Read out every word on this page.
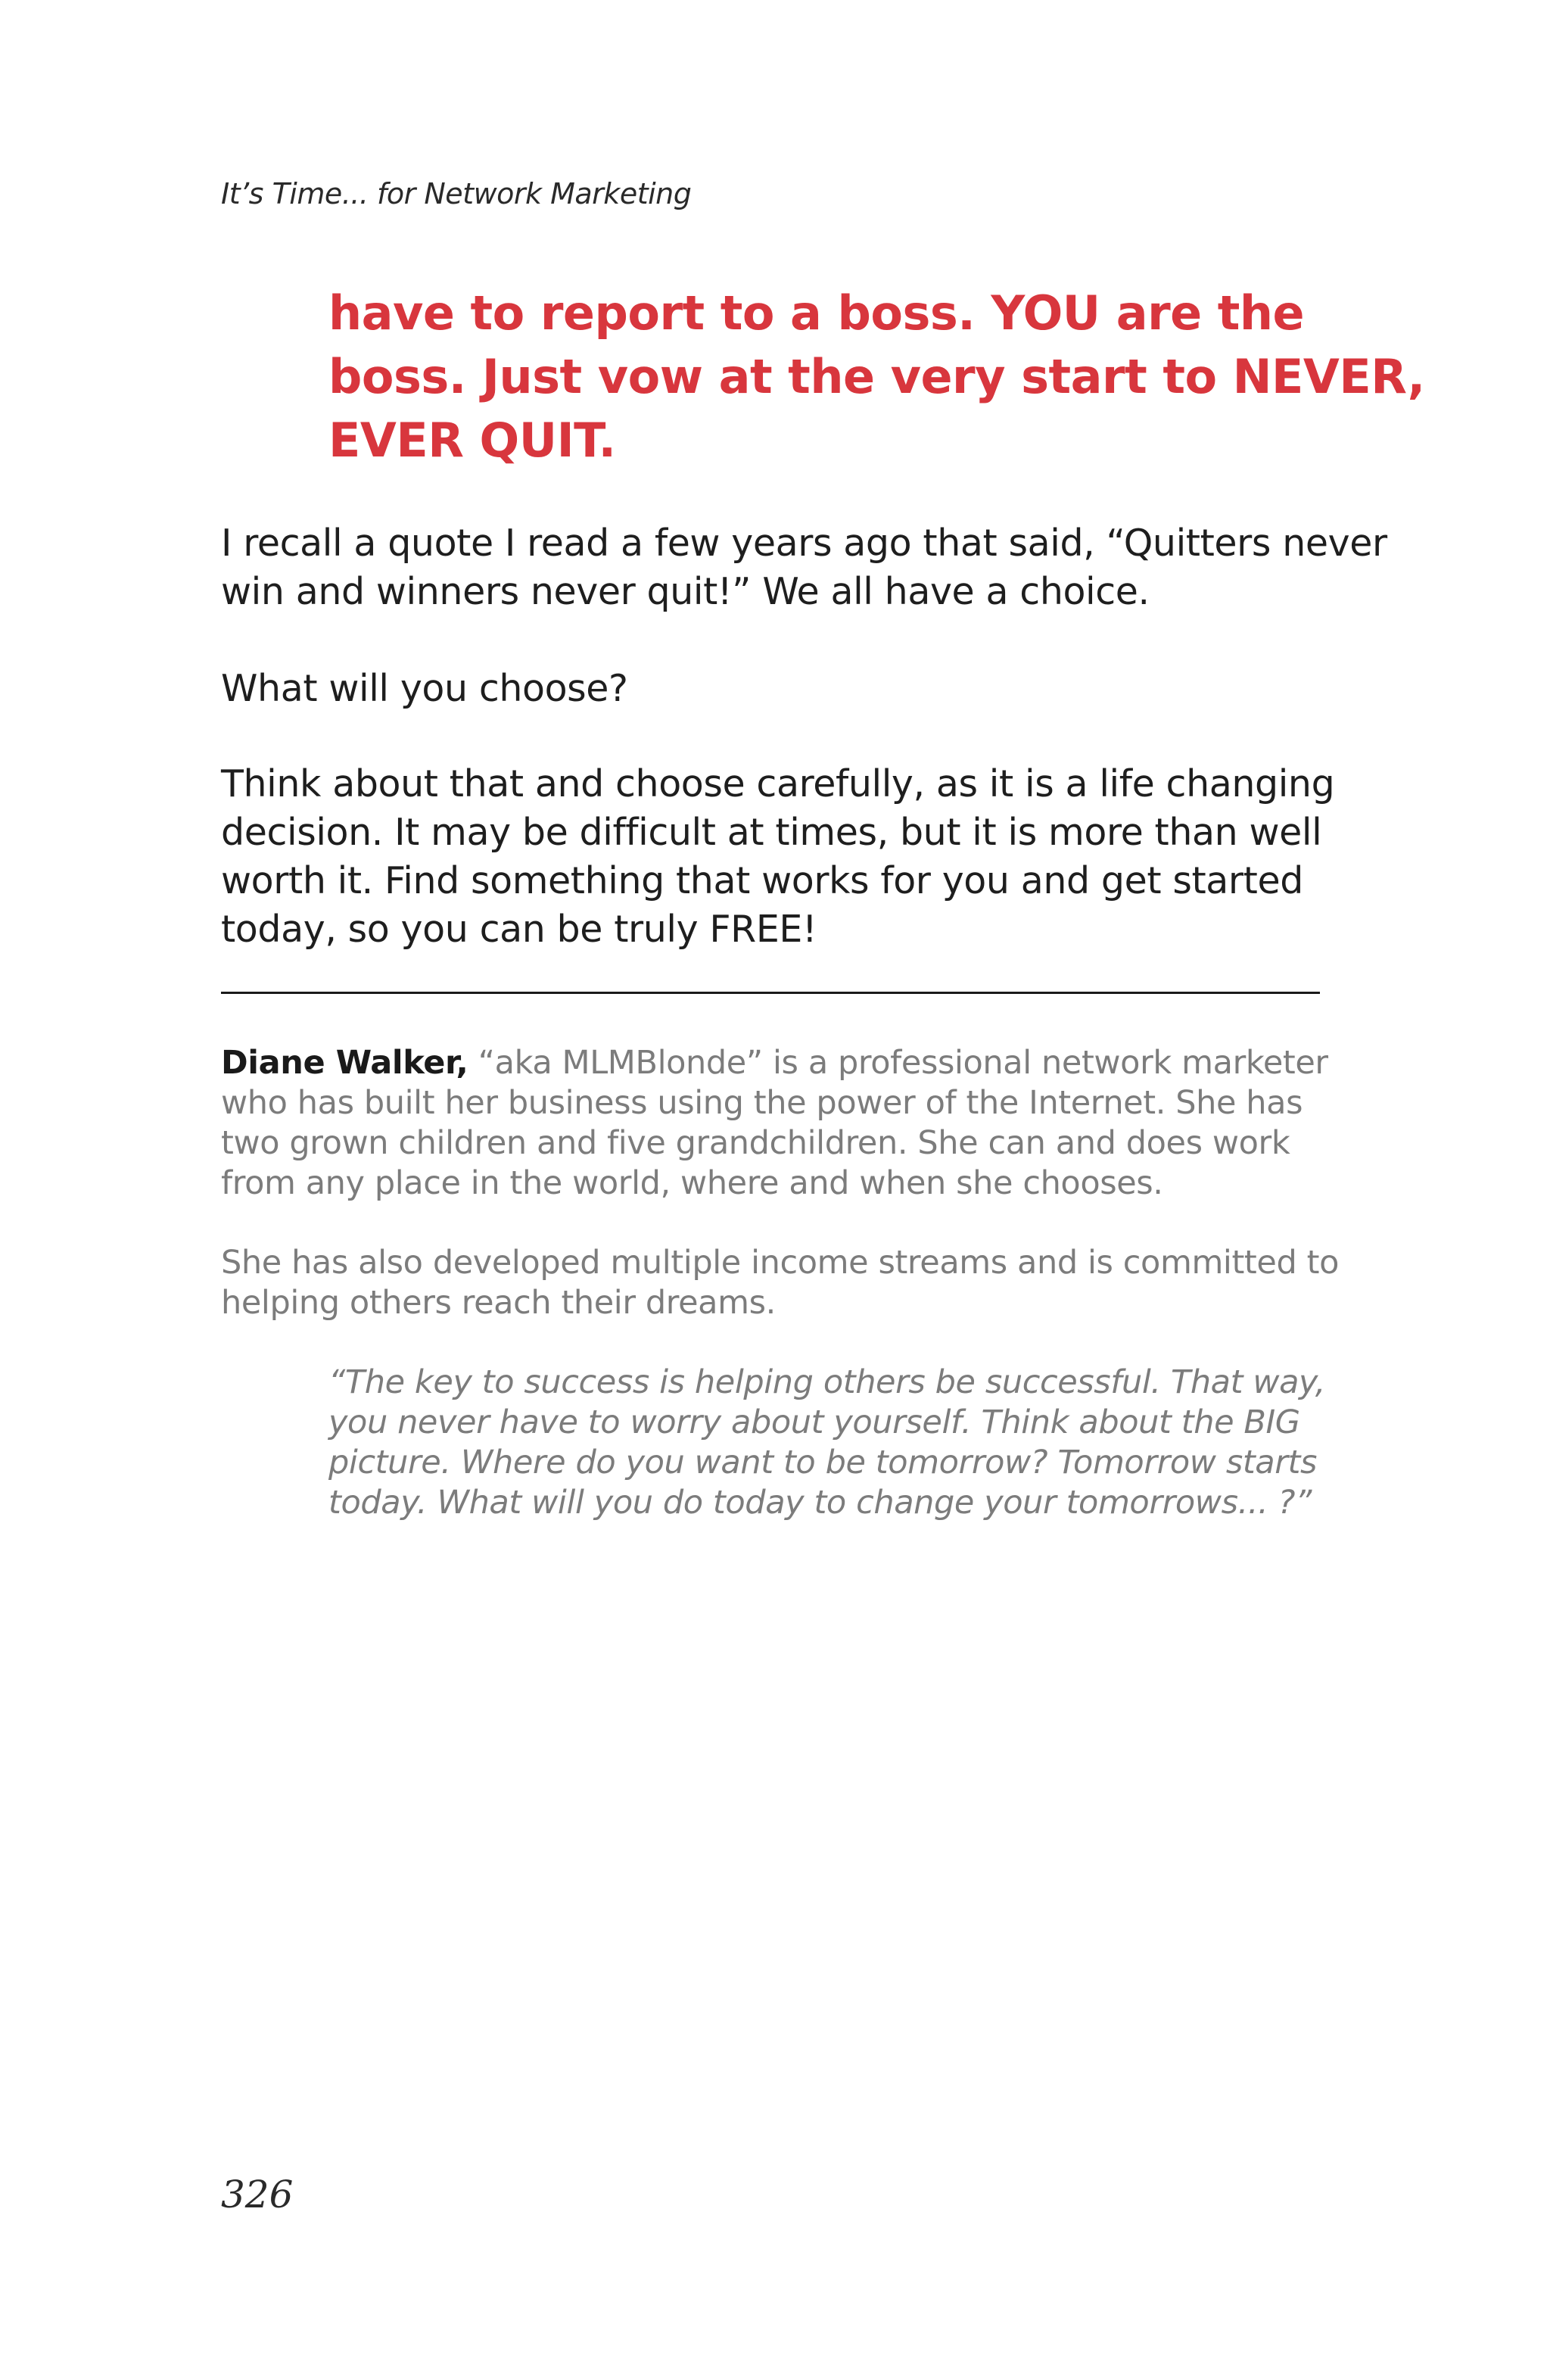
It’s Time... for Network Marketing
have to report to a boss. YOU are the
boss. Just vow at the very start to NEVER,
EVER QUIT.
I recall a quote I read a few years ago that said, “Quitters never
win and winners never quit!” We all have a choice.
What will you choose?
Think about that and choose carefully, as it is a life changing
decision. It may be difficult at times, but it is more than well
worth it. Find something that works for you and get started
today, so you can be truly FREE!
Diane Walker, “aka MLMBlonde” is a professional network marketer
who has built her business using the power of the Internet. She has
two grown children and five grandchildren. She can and does work
from any place in the world, where and when she chooses.
She has also developed multiple income streams and is committed to
helping others reach their dreams.
“The key to success is helping others be successful. That way,
you never have to worry about yourself. Think about the BIG
picture. Where do you want to be tomorrow? Tomorrow starts
today. What will you do today to change your tomorrows... ?”
326
